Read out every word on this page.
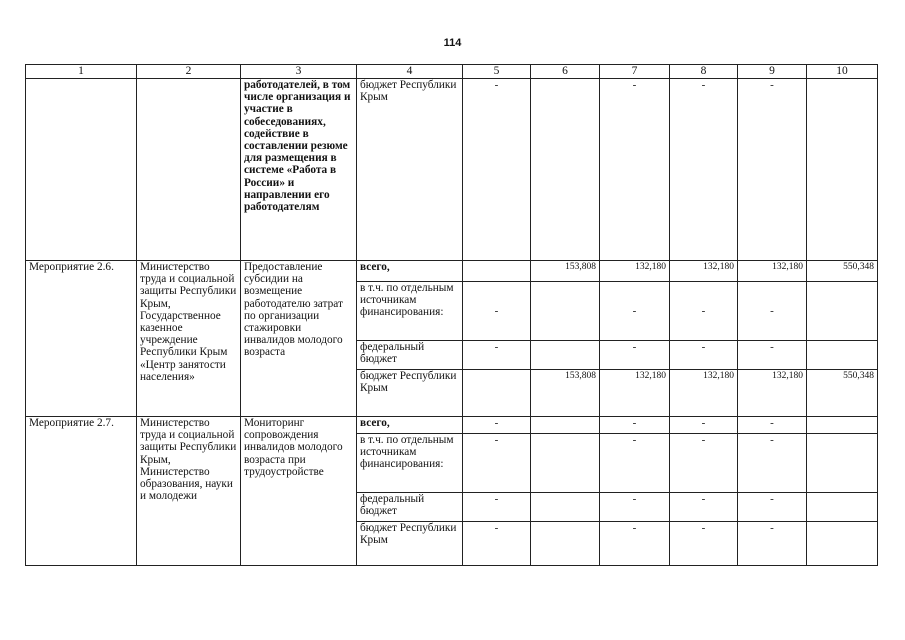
114
1	2	3	4	5	6	7	8	9	10
		работодателей, в том числе организация и участие в собеседованиях, содействие в составлении резюме для размещения в системе «Работа в России» и направлении его работодателям	бюджет Республики Крым	-		-	-	-	
Мероприятие 2.6.	Министерство труда и социальной защиты Республики Крым, Государственное казенное учреждение Республики Крым «Центр занятости населения»	Предоставление субсидии на возмещение работодателю затрат по организации стажировки инвалидов молодого возраста	всего,		153,808	132,180	132,180	132,180	550,348
			в т.ч. по отдельным источникам финансирования:	-		-	-	-	
			федеральный бюджет	-		-	-	-	
			бюджет Республики Крым		153,808	132,180	132,180	132,180	550,348
Мероприятие 2.7.	Министерство труда и социальной защиты Республики Крым, Министерство образования, науки и молодежи	Мониторинг сопровождения инвалидов молодого возраста при трудоустройстве	всего,	-		-	-	-	
			в т.ч. по отдельным источникам финансирования:	-		-	-	-	
			федеральный бюджет	-		-	-	-	
			бюджет Республики Крым	-		-	-	-	
